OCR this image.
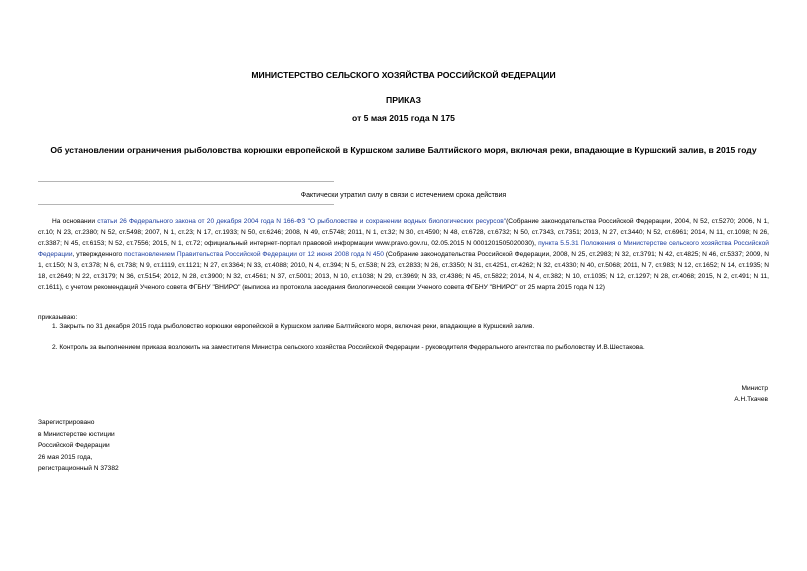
МИНИСТЕРСТВО СЕЛЬСКОГО ХОЗЯЙСТВА РОССИЙСКОЙ ФЕДЕРАЦИИ
ПРИКАЗ
от 5 мая 2015 года N 175
Об установлении ограничения рыболовства корюшки европейской в Куршском заливе Балтийского моря, включая реки, впадающие в Куршский залив, в 2015 году
Фактически утратил силу в связи с истечением срока действия
На основании статьи 26 Федерального закона от 20 декабря 2004 года N 166-ФЗ "О рыболовстве и сохранении водных биологических ресурсов"(Собрание законодательства Российской Федерации, 2004, N 52, ст.5270; 2006, N 1, ст.10; N 23, ст.2380; N 52, ст.5498; 2007, N 1, ст.23; N 17, ст.1933; N 50, ст.6246; 2008, N 49, ст.5748; 2011, N 1, ст.32; N 30, ст.4590; N 48, ст.6728, ст.6732; N 50, ст.7343, ст.7351; 2013, N 27, ст.3440; N 52, ст.6961; 2014, N 11, ст.1098; N 26, ст.3387; N 45, ст.6153; N 52, ст.7556; 2015, N 1, ст.72; официальный интернет-портал правовой информации www.pravo.gov.ru, 02.05.2015 N 0001201505020030), пункта 5.5.31 Положения о Министерстве сельского хозяйства Российской Федерации, утвержденного постановлением Правительства Российской Федерации от 12 июня 2008 года N 450 (Собрание законодательства Российской Федерации, 2008, N 25, ст.2983; N 32, ст.3791; N 42, ст.4825; N 46, ст.5337; 2009, N 1, ст.150; N 3, ст.378; N 6, ст.738; N 9, ст.1119, ст.1121; N 27, ст.3364; N 33, ст.4088; 2010, N 4, ст.394; N 5, ст.538; N 23, ст.2833; N 26, ст.3350; N 31, ст.4251, ст.4262; N 32, ст.4330; N 40, ст.5068; 2011, N 7, ст.983; N 12, ст.1652; N 14, ст.1935; N 18, ст.2649; N 22, ст.3179; N 36, ст.5154; 2012, N 28, ст.3900; N 32, ст.4561; N 37, ст.5001; 2013, N 10, ст.1038; N 29, ст.3969; N 33, ст.4386; N 45, ст.5822; 2014, N 4, ст.382; N 10, ст.1035; N 12, ст.1297; N 28, ст.4068; 2015, N 2, ст.491; N 11, ст.1611), с учетом рекомендаций Ученого совета ФГБНУ "ВНИРО" (выписка из протокола заседания биологической секции Ученого совета ФГБНУ "ВНИРО" от 25 марта 2015 года N 12)
приказываю:
1. Закрыть по 31 декабря 2015 года рыболовство корюшки европейской в Куршском заливе Балтийского моря, включая реки, впадающие в Куршский залив.
2. Контроль за выполнением приказа возложить на заместителя Министра сельского хозяйства Российской Федерации - руководителя Федерального агентства по рыболовству И.В.Шестакова.
Министр
А.Н.Ткачев
Зарегистрировано
в Министерстве юстиции
Российской Федерации
26 мая 2015 года,
регистрационный N 37382
